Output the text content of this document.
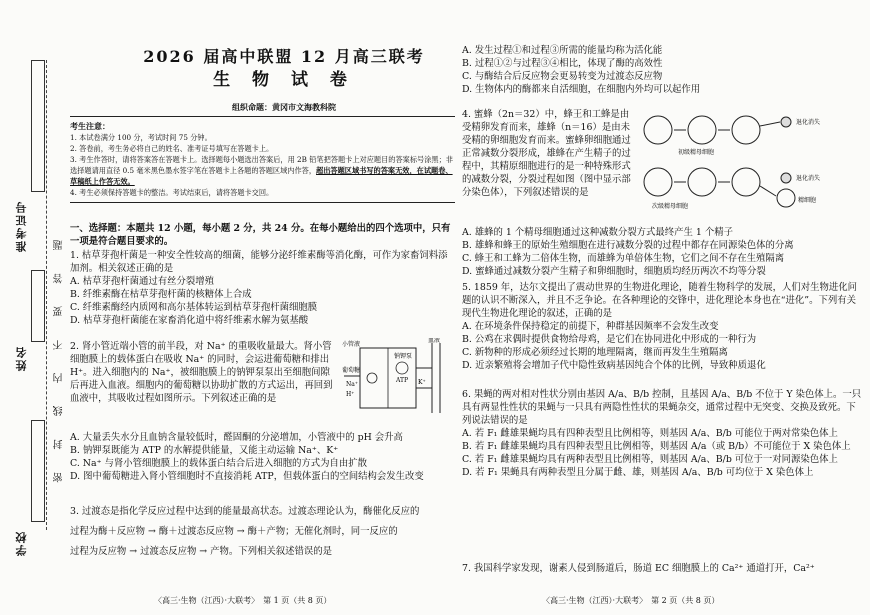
准考证号
姓名
学校
密 封 线 内 不 要 答 题
2026 届高中联盟 12 月高三联考
生 物 试 卷
组织命题：黄冈市文海教科院

考生注意：

1. 本试卷满分 100 分，考试时间 75 分钟。

2. 答卷前，考生务必将自己的姓名、准考证号填写在答题卡上。

3. 考生作答时，请将答案答在答题卡上。选择题每小题选出答案后，用 2B 铅笔把答题卡上对应题目的答案标号涂黑；非选择题请用直径 0.5 毫米黑色墨水签字笔在答题卡上各题的答题区域内作答，超出答题区域书写的答案无效，在试题卷、草稿纸上作答无效。

4. 考生必须保持答题卡的整洁。考试结束后，请将答题卡交回。

一、选择题：本题共 12 小题，每小题 2 分，共 24 分。在每小题给出的四个选项中，只有一项是符合题目要求的。

1. 枯草芽孢杆菌是一种安全性较高的细菌，能够分泌纤维素酶等消化酶，可作为家畜饲料添加剂。相关叙述正确的是

A. 枯草芽孢杆菌通过有丝分裂增殖

B. 纤维素酶在枯草芽孢杆菌的核糖体上合成

C. 纤维素酶经内质网和高尔基体转运到枯草芽孢杆菌细胞膜

D. 枯草芽孢杆菌能在家畜消化道中将纤维素水解为氨基酸

2. 肾小管近端小管的前半段，对 Na⁺ 的重吸收量最大。肾小管细胞膜上的载体蛋白在吸收 Na⁺ 的同时，会运进葡萄糖和排出 H⁺。进入细胞内的 Na⁺，被细胞膜上的钠钾泵泵出至细胞间隙后再进入血液。细胞内的葡萄糖以协助扩散的方式运出，再回到血液中，其吸收过程如图所示。下列叙述正确的是

小管液
血液
钠钾泵
葡萄糖
Na⁺
H⁺
K⁺
ATP

A. 大量丢失水分且血钠含量较低时，醛固酮的分泌增加，小管液中的 pH 会升高

B. 钠钾泵既能为 ATP 的水解提供能量，又能主动运输 Na⁺、K⁺

C. Na⁺ 与肾小管细胞膜上的载体蛋白结合后进入细胞的方式为自由扩散

D. 图中葡萄糖进入肾小管细胞时不直接消耗 ATP，但载体蛋白的空间结构会发生改变

3. 过渡态是指化学反应过程中达到的能量最高状态。过渡态理论认为，酶催化反应的

过程为酶＋反应物 → 酶＋过渡态反应物 → 酶＋产物；无催化剂时，同一反应的

过程为反应物 → 过渡态反应物 → 产物。下列相关叙述错误的是

〈高三·生物（江西）·大联考〉　第 1 页（共 8 页）

A. 发生过程①和过程③所需的能量均称为活化能

B. 过程①②与过程③④相比，体现了酶的高效性

C. 与酶结合后反应物会更易转变为过渡态反应物

D. 生物体内的酶都来自活细胞，在细胞内外均可以起作用

4. 蜜蜂（2n＝32）中，蜂王和工蜂是由受精卵发育而来，雄蜂（n＝16）是由未受精的卵细胞发育而来。蜜蜂卵细胞通过正常减数分裂形成，雄蜂在产生精子的过程中，其精原细胞进行的是一种特殊形式的减数分裂，分裂过程如图（图中显示部分染色体），下列叙述错误的是

退化消失
初级精母细胞
退化消失
次级精母细胞
精细胞

A. 雄蜂的 1 个精母细胞通过这种减数分裂方式最终产生 1 个精子

B. 雄蜂和蜂王的原始生殖细胞在进行减数分裂的过程中都存在同源染色体的分离

C. 蜂王和工蜂为二倍体生物，而雄蜂为单倍体生物，它们之间不存在生殖隔离

D. 蜜蜂通过减数分裂产生精子和卵细胞时，细胞质均经历两次不均等分裂

5. 1859 年，达尔文提出了震动世界的生物进化理论，随着生物科学的发展，人们对生物进化问题的认识不断深入，并且不乏争论。在各种理论的交锋中，进化理论本身也在“进化”。下列有关现代生物进化理论的叙述，正确的是

A. 在环境条件保持稳定的前提下，种群基因频率不会发生改变

B. 公鸡在求偶时提供食物给母鸡，是它们在协同进化中形成的一种行为

C. 新物种的形成必须经过长期的地理隔离，继而再发生生殖隔离

D. 近亲繁殖将会增加子代中隐性致病基因纯合个体的比例，导致种质退化

6. 果蝇的两对相对性状分别由基因 A/a、B/b 控制，且基因 A/a、B/b 不位于 Y 染色体上。一只具有两显性性状的果蝇与一只具有两隐性性状的果蝇杂交，通常过程中无突变、交换及致死。下列说法错误的是

A. 若 F₁ 雌雄果蝇均具有四种表型且比例相等，则基因 A/a、B/b 可能位于两对常染色体上

B. 若 F₁ 雌雄果蝇均具有四种表型且比例相等，则基因 A/a（或 B/b）不可能位于 X 染色体上

C. 若 F₁ 雌雄果蝇均具有两种表型且比例相等，则基因 A/a、B/b 可位于一对同源染色体上

D. 若 F₁ 果蝇具有两种表型且分属于雌、雄，则基因 A/a、B/b 可均位于 X 染色体上

7. 我国科学家发现，谢素人侵到肠道后，肠道 EC 细胞膜上的 Ca²⁺ 通道打开，Ca²⁺

〈高三·生物（江西）·大联考〉　第 2 页（共 8 页）
